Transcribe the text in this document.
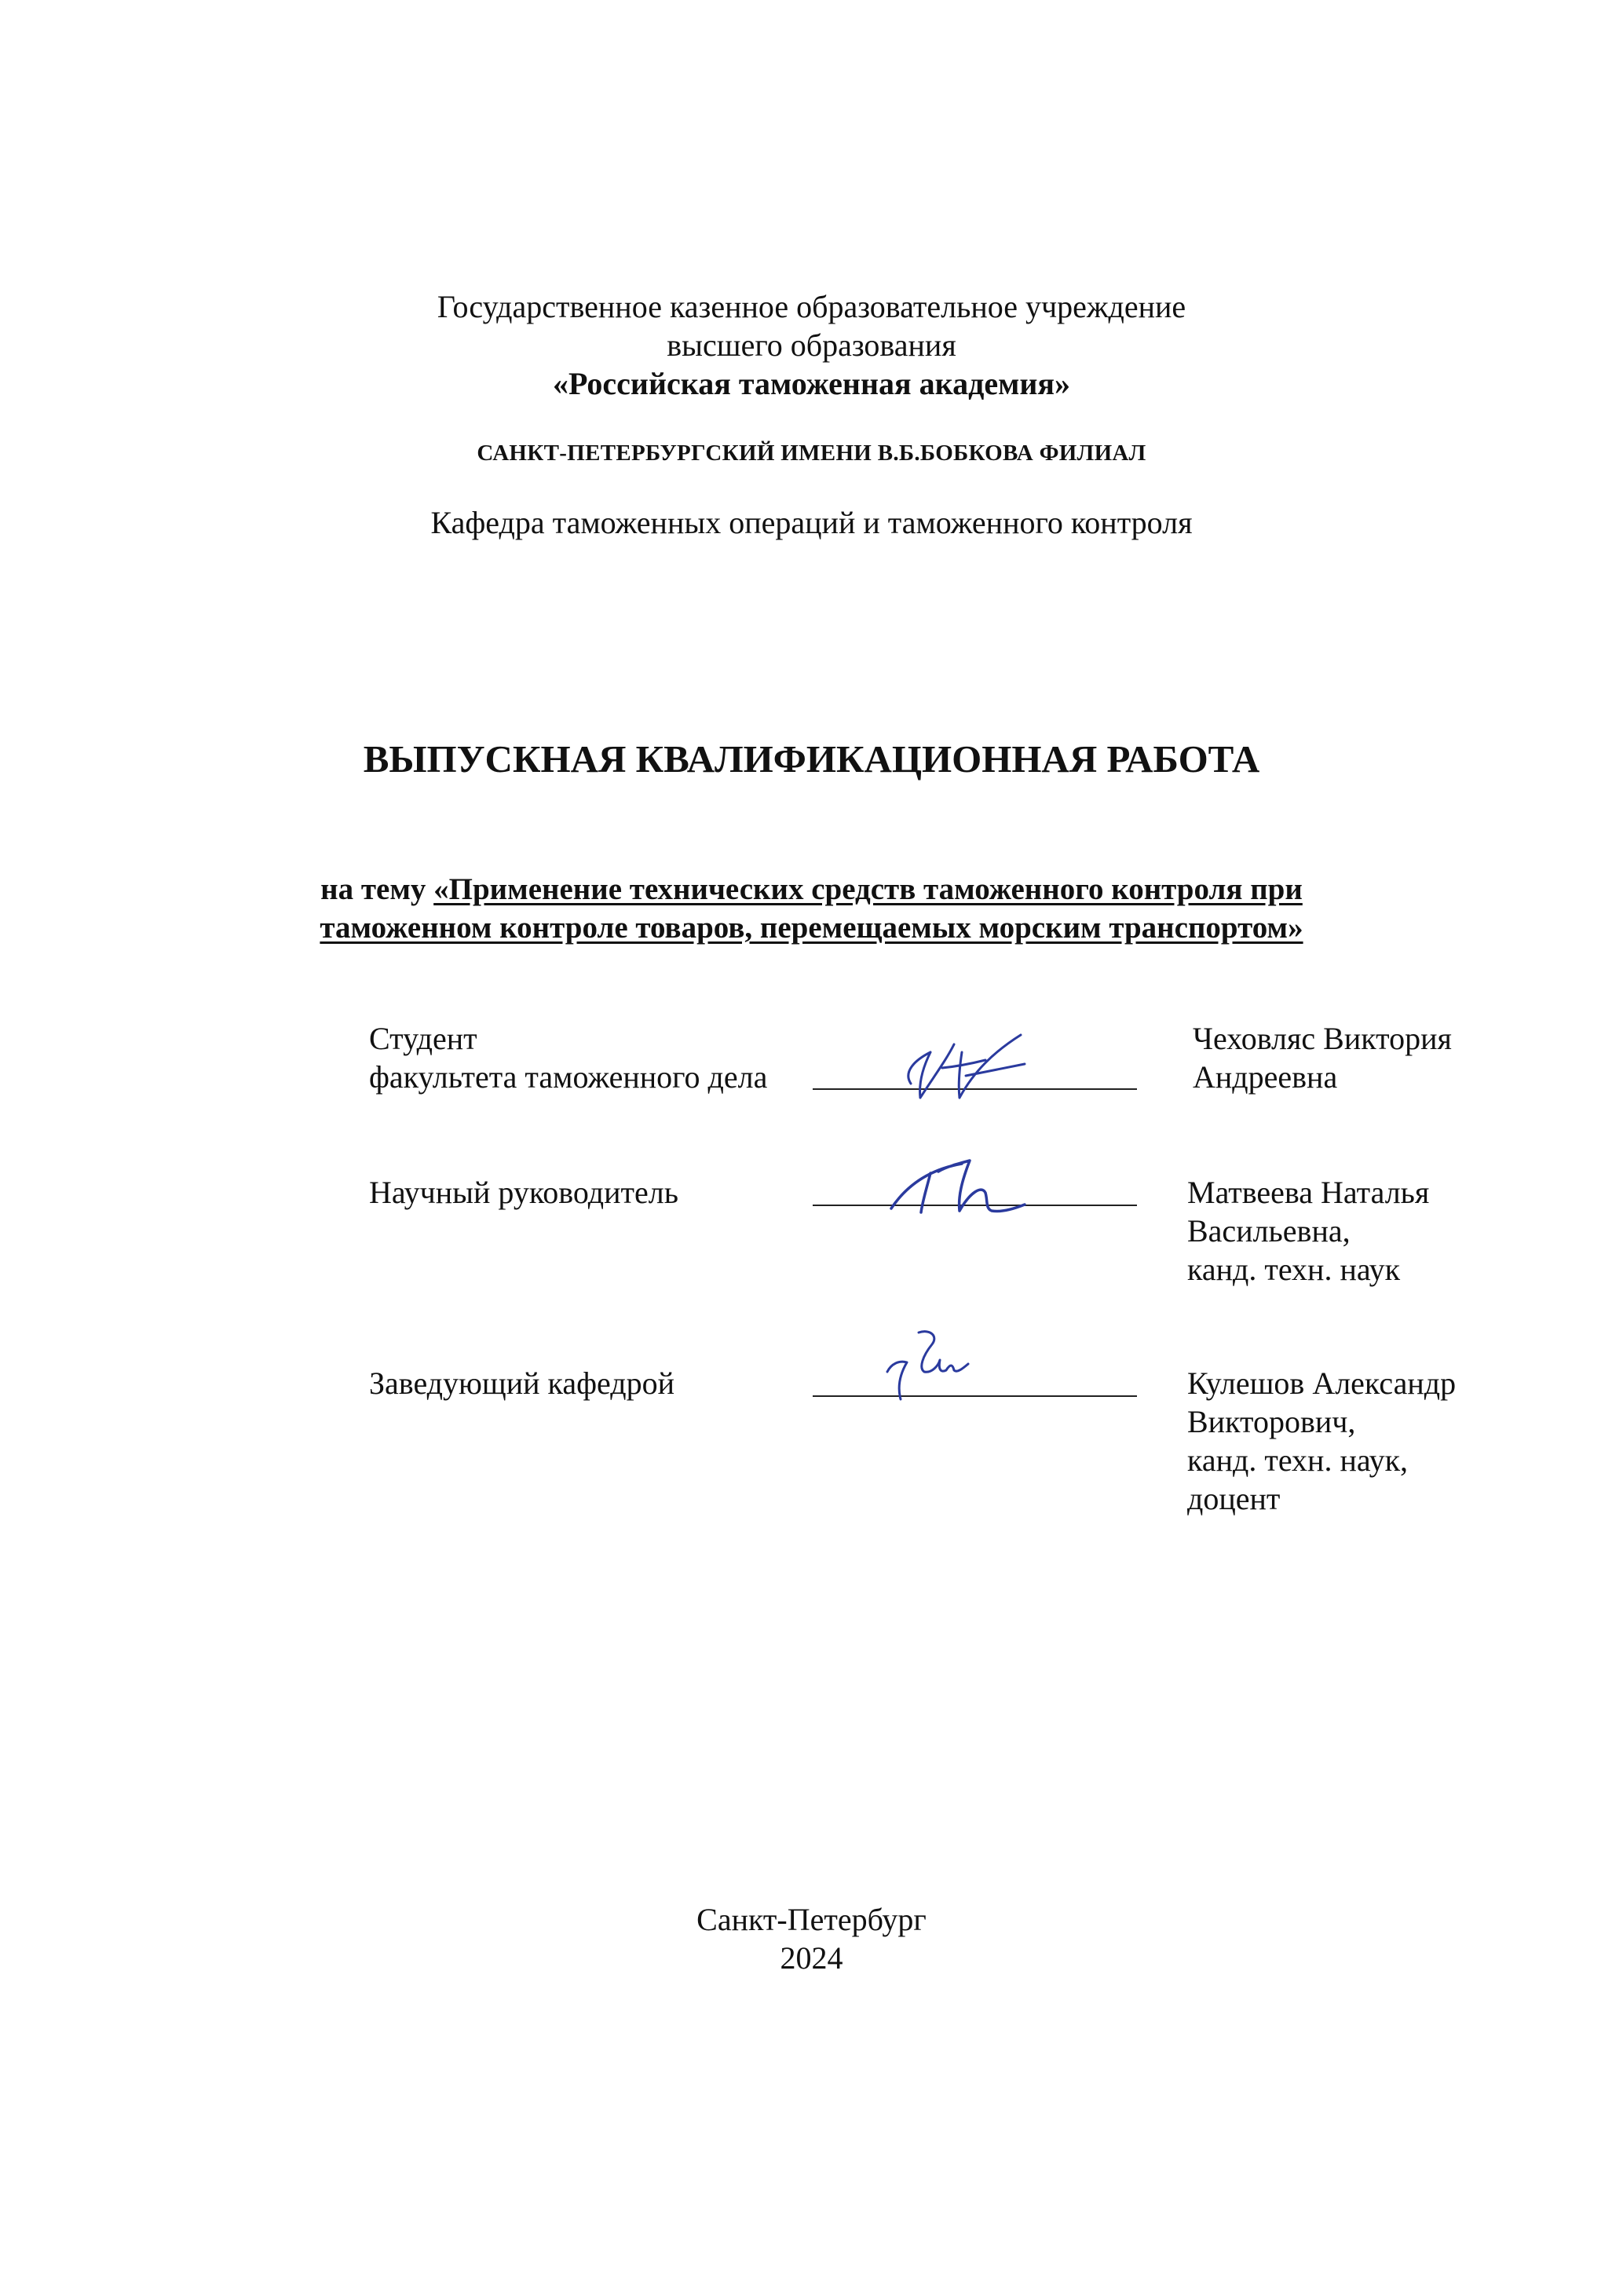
Государственное казенное образовательное учреждение
высшего образования
«Российская таможенная академия»
САНКТ-ПЕТЕРБУРГСКИЙ ИМЕНИ В.Б.БОБКОВА ФИЛИАЛ
Кафедра таможенных операций и таможенного контроля
ВЫПУСКНАЯ КВАЛИФИКАЦИОННАЯ РАБОТА
на тему «Применение технических средств таможенного контроля при
таможенном контроле товаров, перемещаемых морским транспортом»
Студент
факультета таможенного дела
Чеховляс Виктория
Андреевна
Научный руководитель	Матвеева Наталья
Васильевна,
канд. техн. наук
Заведующий кафедрой	Кулешов Александр
Викторович,
канд. техн. наук,
доцент
Санкт-Петербург
2024
